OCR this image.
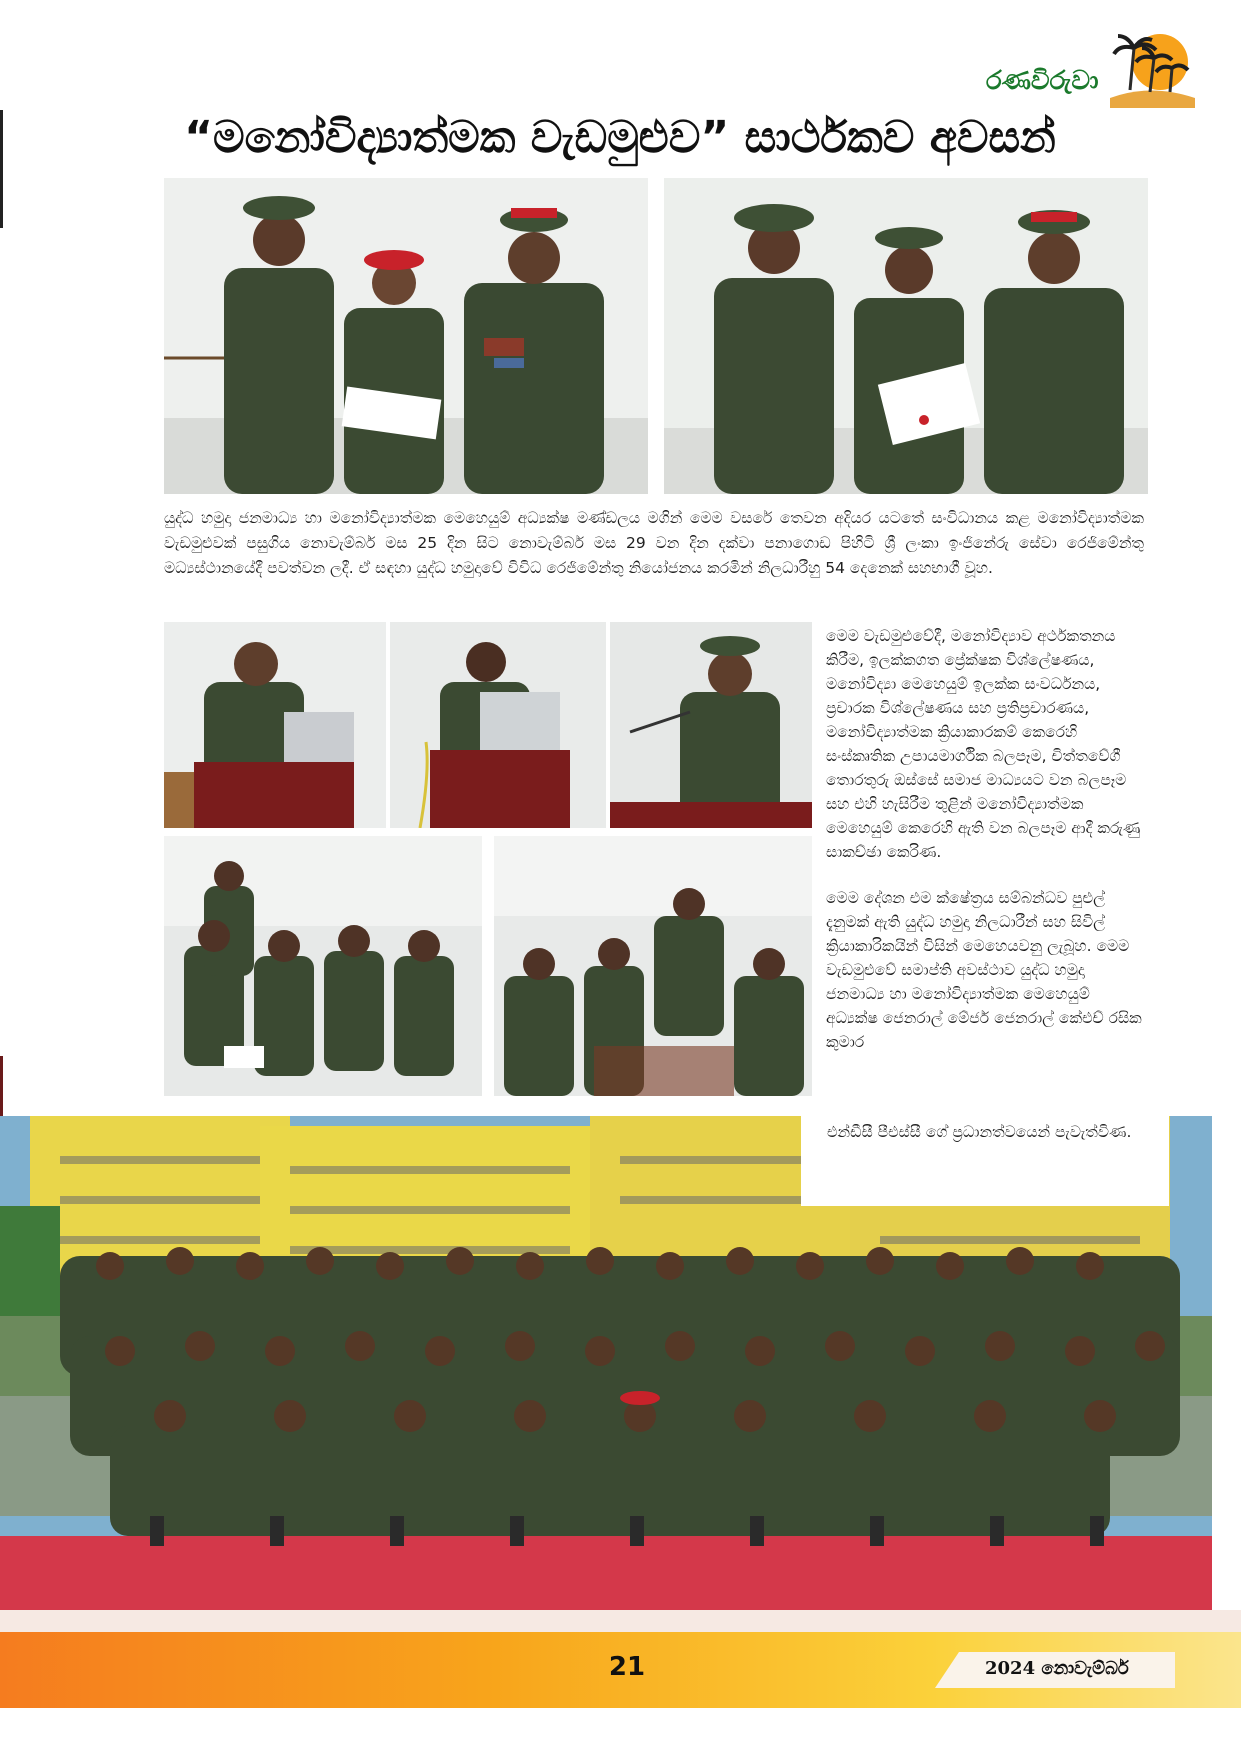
රණවිරුවා
“මනෝවිද්‍යාත්මක වැඩමුළුව” සාර්ථකව අවසන්
යුද්ධ හමුදා ජනමාධ්‍ය හා මනෝවිද්‍යාත්මක මෙහෙයුම් අධ්‍යක්ෂ මණ්ඩලය මගින් මෙම වසරේ තෙවන අදියර යටතේ සංවිධානය කළ මනෝවිද්‍යාත්මක වැඩමුළුවක් පසුගිය නොවැම්බර් මස 25 දින සිට නොවැම්බර් මස 29 වන දින දක්වා පනාගොඩ පිහිටි ශ්‍රී ලංකා ඉංජිනේරු සේවා රෙජිමේන්තු මධ්‍යස්ථානයේදී පවත්වන ලදී. ඒ සඳහා යුද්ධ හමුදාවේ විවිධ රෙජිමේන්තු නියෝජනය කරමින් නිලධාරීහු 54 දෙනෙක් සහභාගී වූහ.

මෙම වැඩමුළුවේදී, මනෝවිද්‍යාව අර්ථකතනය කිරීම, ඉලක්කගත ප්‍රේක්ෂක විශ්ලේෂණය, මනෝවිද්‍යා මෙහෙයුම් ඉලක්ක සංවර්ධනය, ප්‍රචාරක විශ්ලේෂණය සහ ප්‍රතිප්‍රචාරණය, මනෝවිද්‍යාත්මක ක්‍රියාකාරකම් කෙරෙහි සංස්කෘතික උපායමාර්ගික බලපෑම, චිත්තවේගී තොරතුරු ඔස්සේ සමාජ මාධ්‍යයට වන බලපෑම සහ එහි හැසිරීම තුළින් මනෝවිද්‍යාත්මක මෙහෙයුම් කෙරෙහි ඇති වන බලපෑම ආදී කරුණු සාකච්ඡා කෙරිණ.

මෙම දේශන එම ක්ෂේත්‍රය සම්බන්ධව පුළුල් දැනුමක් ඇති යුද්ධ හමුදා නිලධාරීන් සහ සිවිල් ක්‍රියාකාරිකයින් විසින් මෙහෙයවනු ලැබූහ. මෙම වැඩමුළුවේ සමාප්ති අවස්ථාව යුද්ධ හමුදා ජනමාධ්‍ය හා මනෝවිද්‍යාත්මක මෙහෙයුම් අධ්‍යක්ෂ ජෙනරාල් මේජර් ජෙනරාල් කේඑච් රසික කුමාර

එන්ඩීසී පීඑස්සී ගේ ප්‍රධානත්වයෙන් පැවැත්විණ.

21	2024 නොවැම්බර්
